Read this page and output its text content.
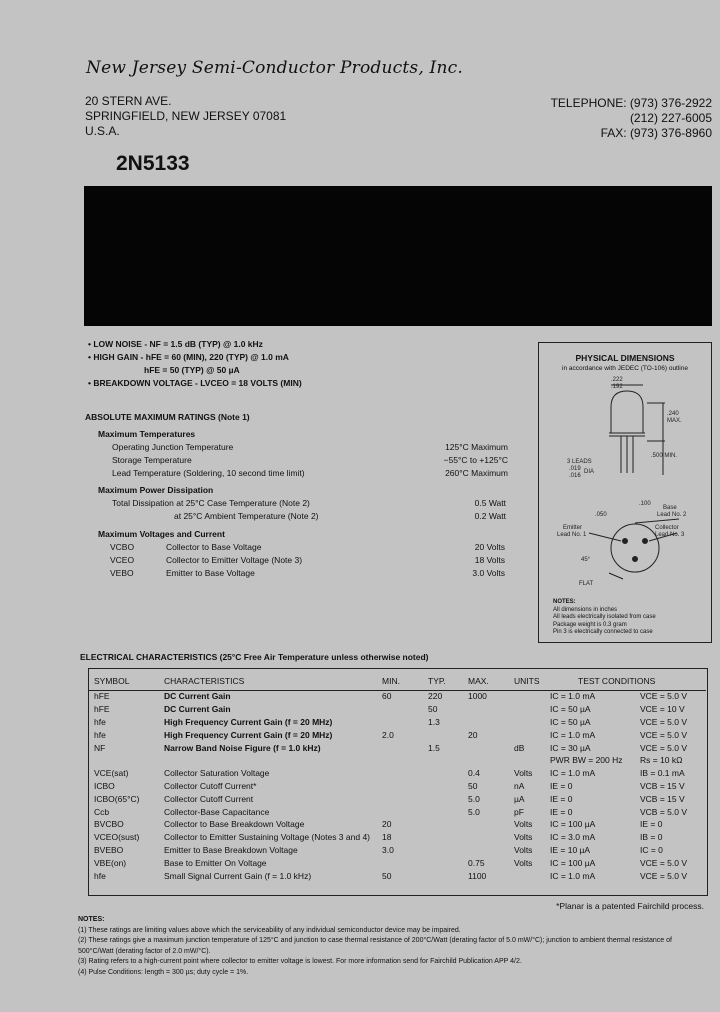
New Jersey Semi-Conductor Products, Inc.
20 STERN AVE.
SPRINGFIELD, NEW JERSEY 07081
U.S.A.
TELEPHONE: (973) 376-2922
(212) 227-6005
FAX: (973) 376-8960
2N5133
• LOW NOISE - NF = 1.5 dB (TYP) @ 1.0 kHz
• HIGH GAIN - hFE = 60 (MIN), 220 (TYP) @ 1.0 mA
hFE = 50 (TYP) @ 50 µA
• BREAKDOWN VOLTAGE - LVCEO = 18 VOLTS (MIN)
ABSOLUTE MAXIMUM RATINGS (Note 1)
Maximum Temperatures
Operating Junction Temperature	125°C Maximum
Storage Temperature	−55°C to +125°C
Lead Temperature (Soldering, 10 second time limit)	260°C Maximum
Maximum Power Dissipation
Total Dissipation at 25°C Case Temperature (Note 2)	0.5 Watt
at 25°C Ambient Temperature (Note 2)	0.2 Watt
Maximum Voltages and Current
VCBO	Collector to Base Voltage	20 Volts
VCEO	Collector to Emitter Voltage (Note 3)	18 Volts
VEBO	Emitter to Base Voltage	3.0 Volts
PHYSICAL DIMENSIONS
in accordance with JEDEC (TO-106) outline
.222
.192
.240
MAX.
3 LEADS
.019
.016
DIA
.500 MIN.
.100
.050
Base
Lead No. 2
Emitter
Lead No. 1
Collector
Lead No. 3
45°
FLAT
NOTES:
All dimensions in inches
All leads electrically isolated from case
Package weight is 0.3 gram
Pin 3 is electrically connected to case
ELECTRICAL CHARACTERISTICS (25°C Free Air Temperature unless otherwise noted)
SYMBOL	CHARACTERISTICS	MIN.	TYP.	MAX.	UNITS	TEST CONDITIONS	
hFE	DC Current Gain	60	220	1000		IC = 1.0 mA	VCE = 5.0 V
hFE	DC Current Gain		50			IC = 50 µA	VCE = 10 V
hfe	High Frequency Current Gain (f = 20 MHz)		1.3			IC = 50 µA	VCE = 5.0 V
hfe	High Frequency Current Gain (f = 20 MHz)	2.0		20		IC = 1.0 mA	VCE = 5.0 V
NF	Narrow Band Noise Figure (f = 1.0 kHz)		1.5		dB	IC = 30 µA	VCE = 5.0 V
						PWR BW = 200 Hz	Rs = 10 kΩ
VCE(sat)	Collector Saturation Voltage			0.4	Volts	IC = 1.0 mA	IB = 0.1 mA
ICBO	Collector Cutoff Current*			50	nA	IE = 0	VCB = 15 V
ICBO(65°C)	Collector Cutoff Current			5.0	µA	IE = 0	VCB = 15 V
Ccb	Collector-Base Capacitance			5.0	pF	IE = 0	VCB = 5.0 V
BVCBO	Collector to Base Breakdown Voltage	20			Volts	IC = 100 µA	IE = 0
VCEO(sust)	Collector to Emitter Sustaining Voltage (Notes 3 and 4)	18			Volts	IC = 3.0 mA	IB = 0
BVEBO	Emitter to Base Breakdown Voltage	3.0			Volts	IE = 10 µA	IC = 0
VBE(on)	Base to Emitter On Voltage			0.75	Volts	IC = 100 µA	VCE = 5.0 V
hfe	Small Signal Current Gain (f = 1.0 kHz)	50		1100		IC = 1.0 mA	VCE = 5.0 V
*Planar is a patented Fairchild process.
NOTES:
(1) These ratings are limiting values above which the serviceability of any individual semiconductor device may be impaired.
(2) These ratings give a maximum junction temperature of 125°C and junction to case thermal resistance of 200°C/Watt (derating factor of 5.0 mW/°C); junction to ambient thermal resistance of 500°C/Watt (derating factor of 2.0 mW/°C).
(3) Rating refers to a high-current point where collector to emitter voltage is lowest. For more information send for Fairchild Publication APP 4/2.
(4) Pulse Conditions: length = 300 µs; duty cycle = 1%.
